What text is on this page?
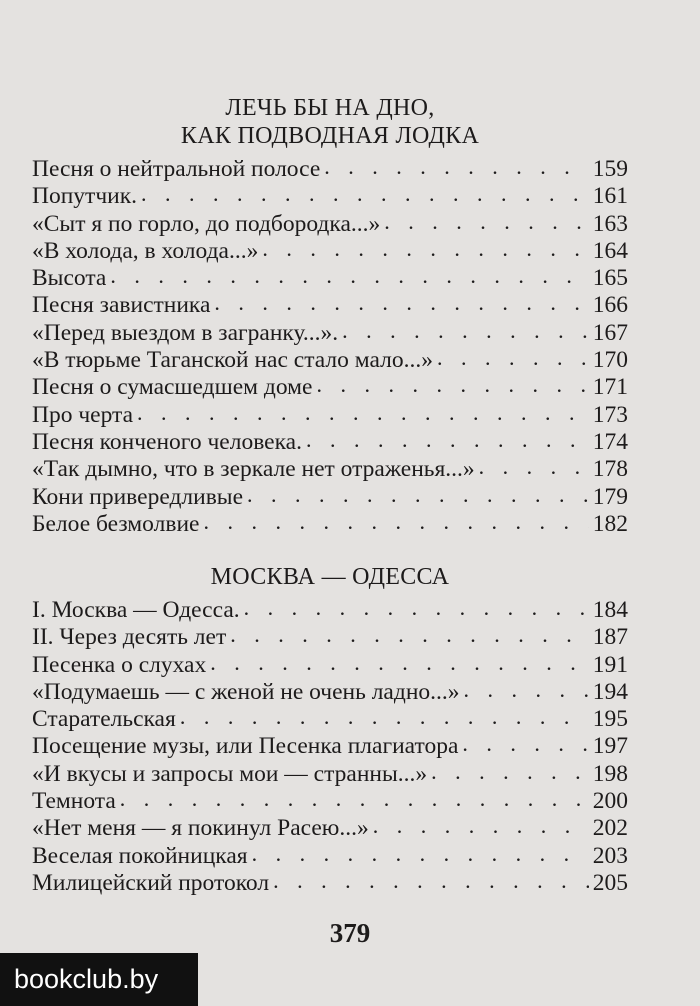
ЛЕЧЬ БЫ НА ДНО,
КАК ПОДВОДНАЯ ЛОДКА
Песня о нейтральной полосе . . .	159
Попутчик. . . .	161
«Сыт я по горло, до подбородка...» . . .	163
«В холода, в холода...» . . .	164
Высота . . .	165
Песня завистника . . .	166
«Перед выездом в загранку...». . . .	167
«В тюрьме Таганской нас стало мало...» . . .	170
Песня о сумасшедшем доме . . .	171
Про черта . . .	173
Песня конченого человека. . . .	174
«Так дымно, что в зеркале нет отраженья...» . . .	178
Кони привередливые . . .	179
Белое безмолвие . . .	182
МОСКВА — ОДЕССА
I. Москва — Одесса. . . .	184
II. Через десять лет . . .	187
Песенка о слухах . . .	191
«Подумаешь — с женой не очень ладно...» . . .	194
Старательская . . .	195
Посещение музы, или Песенка плагиатора . . .	197
«И вкусы и запросы мои — странны...» . . .	198
Темнота . . .	200
«Нет меня — я покинул Расею...» . . .	202
Веселая покойницкая . . .	203
Милицейский протокол . . .	205
379
bookclub.by
